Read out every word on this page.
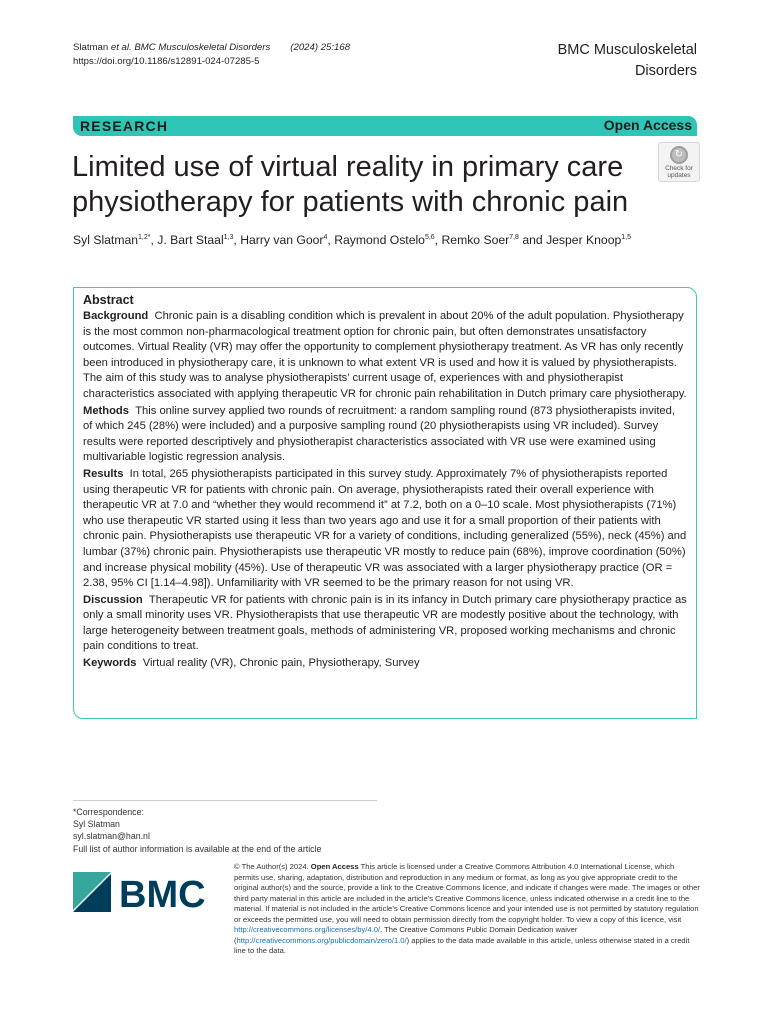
Slatman et al. BMC Musculoskeletal Disorders (2024) 25:168
https://doi.org/10.1186/s12891-024-07285-5
BMC Musculoskeletal
Disorders
RESEARCH	Open Access
Limited use of virtual reality in primary care physiotherapy for patients with chronic pain
↻
Check for
updates
Syl Slatman$^{1,2*}$, J. Bart Staal$^{1,3}$, Harry van Goor$^4$, Raymond Ostelo$^{5,6}$, Remko Soer$^{7,8}$ and Jesper Knoop$^{1,5}$
Abstract

Background Chronic pain is a disabling condition which is prevalent in about 20% of the adult population. Physiotherapy is the most common non-pharmacological treatment option for chronic pain, but often demonstrates unsatisfactory outcomes. Virtual Reality (VR) may offer the opportunity to complement physiotherapy treatment. As VR has only recently been introduced in physiotherapy care, it is unknown to what extent VR is used and how it is valued by physiotherapists. The aim of this study was to analyse physiotherapists’ current usage of, experiences with and physiotherapist characteristics associated with applying therapeutic VR for chronic pain rehabilitation in Dutch primary care physiotherapy.

Methods This online survey applied two rounds of recruitment: a random sampling round (873 physiotherapists invited, of which 245 (28%) were included) and a purposive sampling round (20 physiotherapists using VR included). Survey results were reported descriptively and physiotherapist characteristics associated with VR use were examined using multivariable logistic regression analysis.

Results In total, 265 physiotherapists participated in this survey study. Approximately 7% of physiotherapists reported using therapeutic VR for patients with chronic pain. On average, physiotherapists rated their overall experience with therapeutic VR at 7.0 and “whether they would recommend it” at 7.2, both on a 0–10 scale. Most physiotherapists (71%) who use therapeutic VR started using it less than two years ago and use it for a small proportion of their patients with chronic pain. Physiotherapists use therapeutic VR for a variety of conditions, including generalized (55%), neck (45%) and lumbar (37%) chronic pain. Physiotherapists use therapeutic VR mostly to reduce pain (68%), improve coordination (50%) and increase physical mobility (45%). Use of therapeutic VR was associated with a larger physiotherapy practice (OR = 2.38, 95% CI [1.14–4.98]). Unfamiliarity with VR seemed to be the primary reason for not using VR.

Discussion Therapeutic VR for patients with chronic pain is in its infancy in Dutch primary care physiotherapy practice as only a small minority uses VR. Physiotherapists that use therapeutic VR are modestly positive about the technology, with large heterogeneity between treatment goals, methods of administering VR, proposed working mechanisms and chronic pain conditions to treat.

Keywords Virtual reality (VR), Chronic pain, Physiotherapy, Survey

*Correspondence:
Syl Slatman
syl.slatman@han.nl
Full list of author information is available at the end of the article
BMC
© The Author(s) 2024. Open Access This article is licensed under a Creative Commons Attribution 4.0 International License, which permits use, sharing, adaptation, distribution and reproduction in any medium or format, as long as you give appropriate credit to the original author(s) and the source, provide a link to the Creative Commons licence, and indicate if changes were made. The images or other third party material in this article are included in the article’s Creative Commons licence, unless indicated otherwise in a credit line to the material. If material is not included in the article’s Creative Commons licence and your intended use is not permitted by statutory regulation or exceeds the permitted use, you will need to obtain permission directly from the copyright holder. To view a copy of this licence, visit http://creativecommons.org/licenses/by/4.0/. The Creative Commons Public Domain Dedication waiver (http://creativecommons.org/publicdomain/zero/1.0/) applies to the data made available in this article, unless otherwise stated in a credit line to the data.
